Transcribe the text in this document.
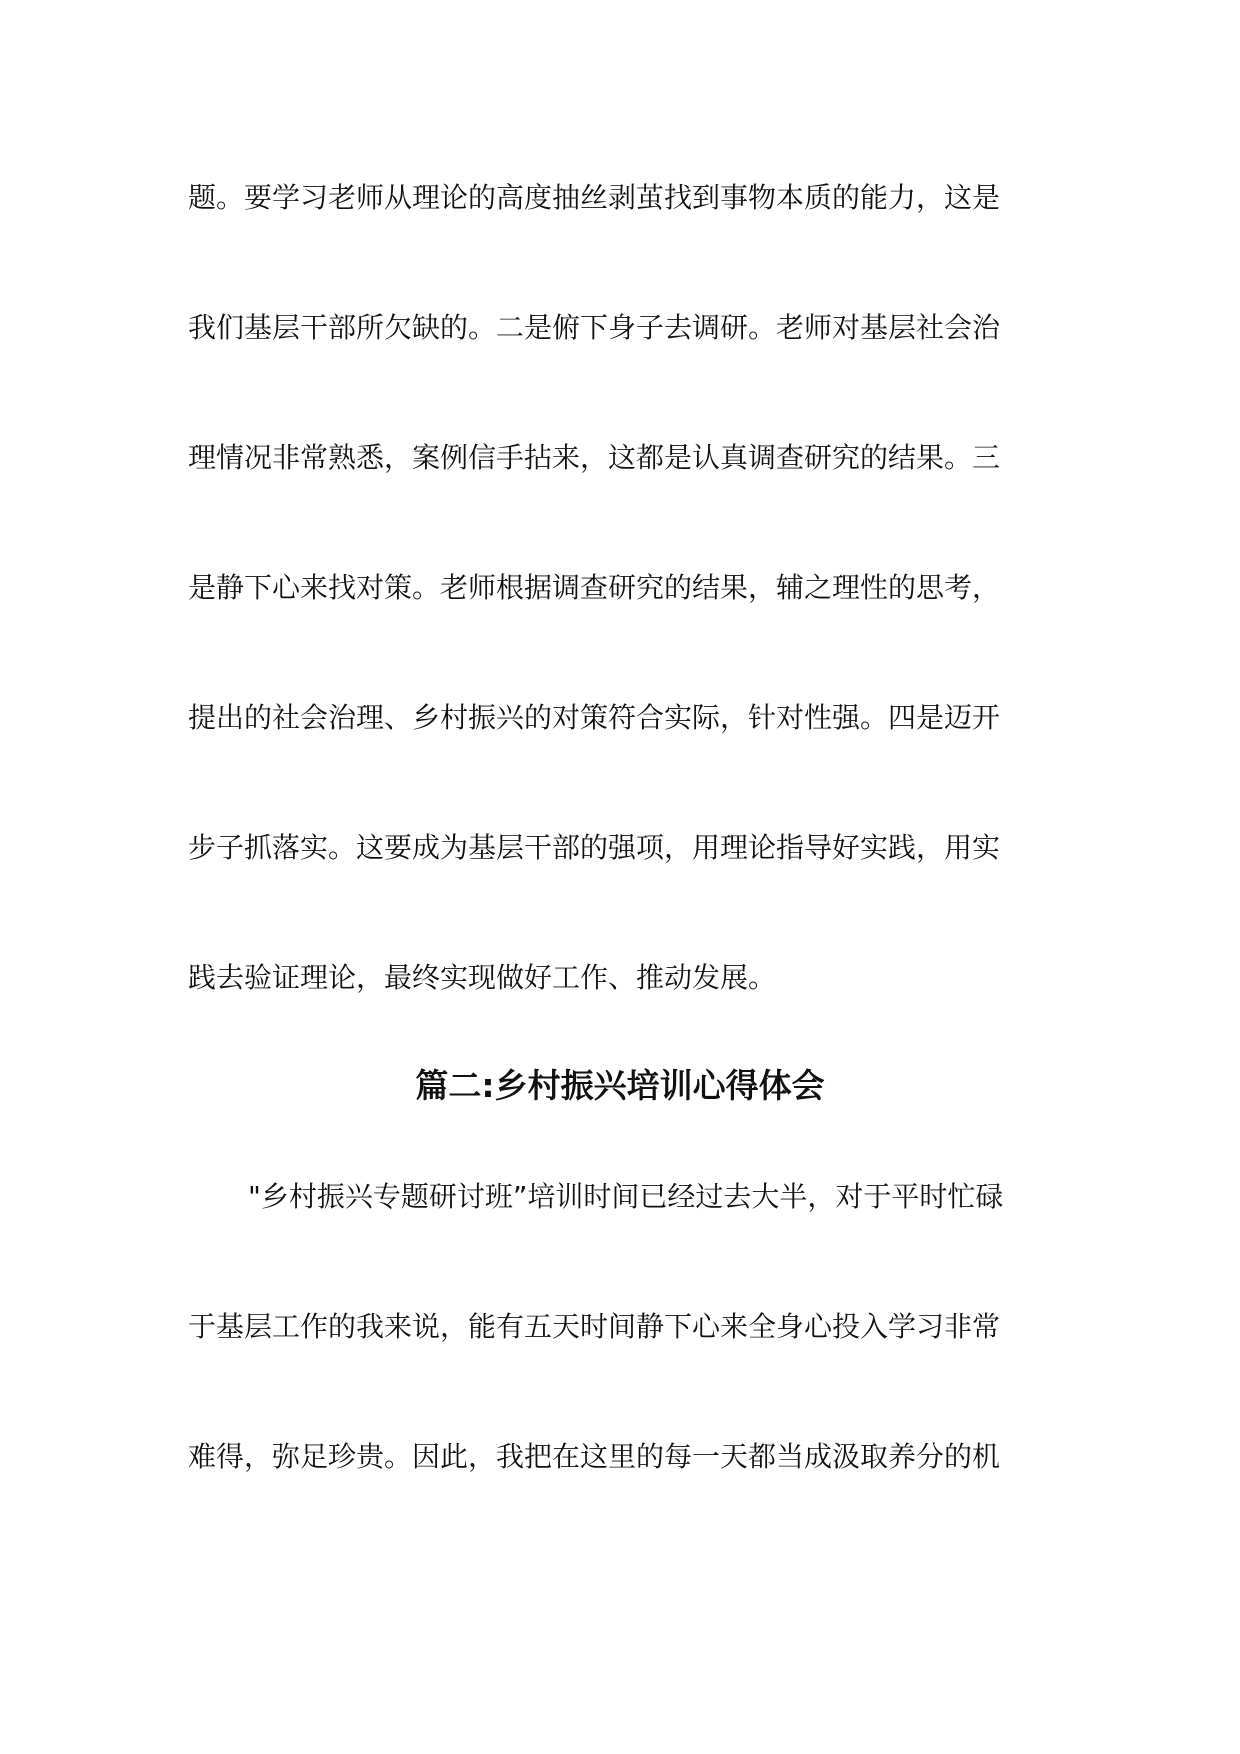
题。要学习老师从理论的高度抽丝剥茧找到事物本质的能力，这是
我们基层干部所欠缺的。二是俯下身子去调研。老师对基层社会治
理情况非常熟悉，案例信手拈来，这都是认真调查研究的结果。三
是静下心来找对策。老师根据调查研究的结果，辅之理性的思考，
提出的社会治理、乡村振兴的对策符合实际，针对性强。四是迈开
步子抓落实。这要成为基层干部的强项，用理论指导好实践，用实
践去验证理论，最终实现做好工作、推动发展。
篇二:乡村振兴培训心得体会
"乡村振兴专题研讨班”培训时间已经过去大半，对于平时忙碌
于基层工作的我来说，能有五天时间静下心来全身心投入学习非常
难得，弥足珍贵。因此，我把在这里的每一天都当成汲取养分的机
